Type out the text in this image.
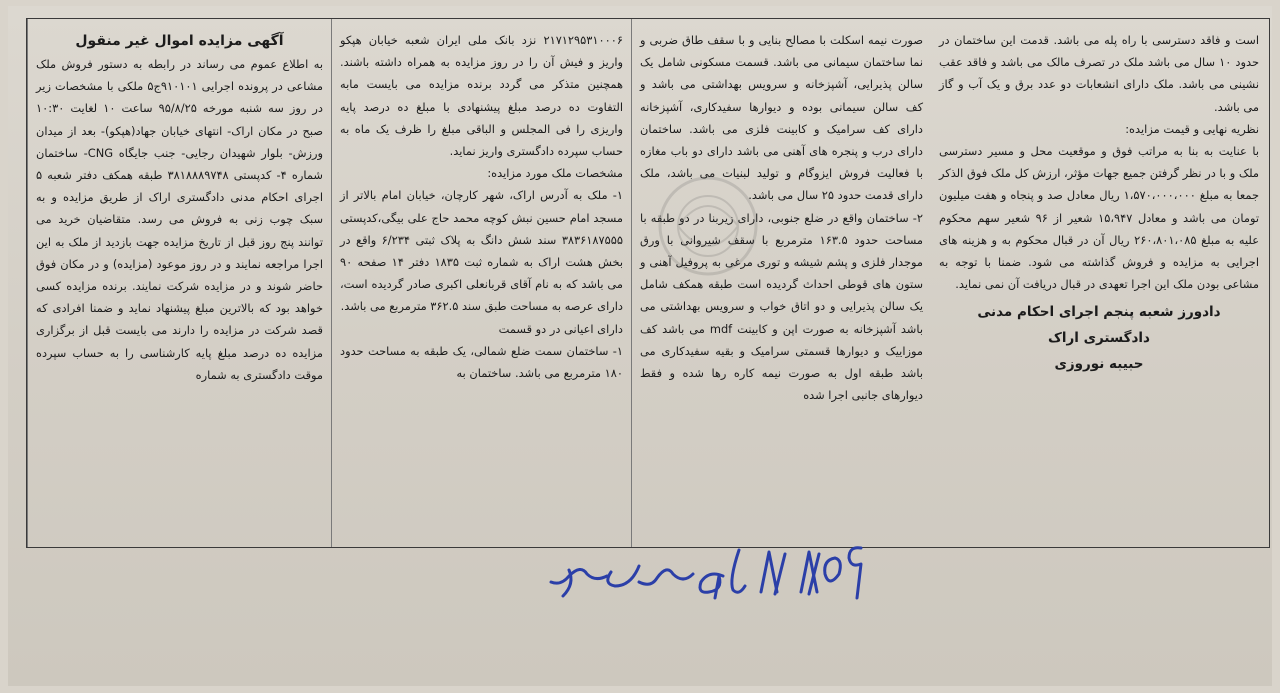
آگهی مزایده اموال غیر منقول
به اطلاع عموم می رساند در رابطه به دستور فروش ملک مشاعی در پرونده اجرایی ۹۱۰۱۰۱ج۵ ملکی با مشخصات زیر در روز سه شنبه مورخه ۹۵/۸/۲۵ ساعت ۱۰ لغایت ۱۰:۳۰ صبح در مکان اراک- انتهای خیابان جهاد(هپکو)- بعد از میدان ورزش- بلوار شهیدان رجایی- جنب جایگاه CNG- ساختمان شماره ۴- کدپستی ۳۸۱۸۸۸۹۷۴۸ طبقه همکف دفتر شعبه ۵ اجرای احکام مدنی دادگستری اراک از طریق مزایده و به سبک چوب زنی به فروش می رسد. متقاضیان خرید می توانند پنج روز قبل از تاریخ مزایده جهت بازدید از ملک به این اجرا مراجعه نمایند و در روز موعود (مزایده) و در مکان فوق حاضر شوند و در مزایده شرکت نمایند. برنده مزایده کسی خواهد بود که بالاترین مبلغ پیشنهاد نماید و ضمنا افرادی که قصد شرکت در مزایده را دارند می بایست قبل از برگزاری مزایده ده درصد مبلغ پایه کارشناسی را به حساب سپرده موقت دادگستری به شماره
۲۱۷۱۲۹۵۳۱۰۰۰۶ نزد بانک ملی ایران شعبه خیابان هپکو واریز و فیش آن را در روز مزایده به همراه داشته باشند. همچنین متذکر می گردد برنده مزایده می بایست مابه التفاوت ده درصد مبلغ پیشنهادی با مبلغ ده درصد پایه واریزی را فی المجلس و الباقی مبلغ را ظرف یک ماه به حساب سپرده دادگستری واریز نماید.
مشخصات ملک مورد مزایده:
۱- ملک به آدرس اراک، شهر کارچان، خیابان امام بالاتر از مسجد امام حسین نبش کوچه محمد حاج علی بیگی،کدپستی ۳۸۳۶۱۸۷۵۵۵ سند شش دانگ به پلاک ثبتی ۶/۲۳۴ واقع در بخش هشت اراک به شماره ثبت ۱۸۳۵ دفتر ۱۴ صفحه ۹۰ می باشد که به نام آقای قربانعلی اکبری صادر گردیده است، دارای عرصه به مساحت طبق سند ۳۶۲.۵ مترمربع می باشد.
دارای اعیانی در دو قسمت
۱- ساختمان سمت ضلع شمالی، یک طبقه به مساحت حدود ۱۸۰ مترمربع می باشد. ساختمان به
صورت نیمه اسکلت با مصالح بنایی و با سقف طاق ضربی و نما ساختمان سیمانی می باشد. قسمت مسکونی شامل یک سالن پذیرایی، آشپزخانه و سرویس بهداشتی می باشد و کف سالن سیمانی بوده و دیوارها سفیدکاری، آشپزخانه دارای کف سرامیک و کابینت فلزی می باشد. ساختمان دارای درب و پنجره های آهنی می باشد دارای دو باب مغازه با فعالیت فروش ایزوگام و تولید لبنیات می باشد، ملک دارای قدمت حدود ۲۵ سال می باشد.
۲- ساختمان واقع در ضلع جنوبی، دارای زیربنا در دو طبقه با مساحت حدود ۱۶۳.۵ مترمربع با سقف شیروانی با ورق موجدار فلزی و پشم شیشه و توری مرغی به پروفیل آهنی و ستون های قوطی احداث گردیده است طبقه همکف شامل یک سالن پذیرایی و دو اتاق خواب و سرویس بهداشتی می باشد آشپزخانه به صورت اپن و کابینت mdf می باشد کف موزاییک و دیوارها قسمتی سرامیک و بقیه سفیدکاری می باشد طبقه اول به صورت نیمه کاره رها شده و فقط دیوارهای جانبی اجرا شده
است و فاقد دسترسی با راه پله می باشد. قدمت این ساختمان در حدود ۱۰ سال می باشد ملک در تصرف مالک می باشد و فاقد عقب نشینی می باشد. ملک دارای انشعابات دو عدد برق و یک آب و گاز می باشد.
نظریه نهایی و قیمت مزایده:
با عنایت به بنا به مراتب فوق و موقعیت محل و مسیر دسترسی ملک و با در نظر گرفتن جمیع جهات مؤثر، ارزش کل ملک فوق الذکر جمعا به مبلغ ۱،۵۷۰،۰۰۰،۰۰۰ ریال معادل صد و پنجاه و هفت میلیون تومان می باشد و معادل ۱۵،۹۴۷ شعیر از ۹۶ شعیر سهم محکوم علیه به مبلغ ۲۶۰،۸۰۱،۰۸۵ ریال آن در قبال محکوم به و هزینه های اجرایی به مزایده و فروش گذاشته می شود. ضمنا با توجه به مشاعی بودن ملک این اجرا تعهدی در قبال دریافت آن نمی نماید.
دادورز شعبه پنجم اجرای احکام مدنی
دادگستری اراک
حبیبه نوروزی
